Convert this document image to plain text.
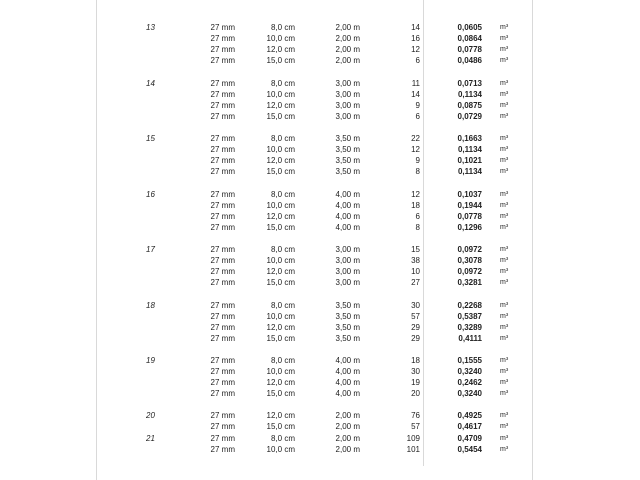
13	27 mm	8,0 cm	2,00 m	14	0,0605	m³
27 mm	10,0 cm	2,00 m	16	0,0864	m³
27 mm	12,0 cm	2,00 m	12	0,0778	m³
27 mm	15,0 cm	2,00 m	6	0,0486	m³
14	27 mm	8,0 cm	3,00 m	11	0,0713	m³
27 mm	10,0 cm	3,00 m	14	0,1134	m³
27 mm	12,0 cm	3,00 m	9	0,0875	m³
27 mm	15,0 cm	3,00 m	6	0,0729	m³
15	27 mm	8,0 cm	3,50 m	22	0,1663	m³
27 mm	10,0 cm	3,50 m	12	0,1134	m³
27 mm	12,0 cm	3,50 m	9	0,1021	m³
27 mm	15,0 cm	3,50 m	8	0,1134	m³
16	27 mm	8,0 cm	4,00 m	12	0,1037	m³
27 mm	10,0 cm	4,00 m	18	0,1944	m³
27 mm	12,0 cm	4,00 m	6	0,0778	m³
27 mm	15,0 cm	4,00 m	8	0,1296	m³
17	27 mm	8,0 cm	3,00 m	15	0,0972	m³
27 mm	10,0 cm	3,00 m	38	0,3078	m³
27 mm	12,0 cm	3,00 m	10	0,0972	m³
27 mm	15,0 cm	3,00 m	27	0,3281	m³
18	27 mm	8,0 cm	3,50 m	30	0,2268	m³
27 mm	10,0 cm	3,50 m	57	0,5387	m³
27 mm	12,0 cm	3,50 m	29	0,3289	m³
27 mm	15,0 cm	3,50 m	29	0,4111	m³
19	27 mm	8,0 cm	4,00 m	18	0,1555	m³
27 mm	10,0 cm	4,00 m	30	0,3240	m³
27 mm	12,0 cm	4,00 m	19	0,2462	m³
27 mm	15,0 cm	4,00 m	20	0,3240	m³
20	27 mm	12,0 cm	2,00 m	76	0,4925	m³
27 mm	15,0 cm	2,00 m	57	0,4617	m³
21	27 mm	8,0 cm	2,00 m	109	0,4709	m³
27 mm	10,0 cm	2,00 m	101	0,5454	m³
